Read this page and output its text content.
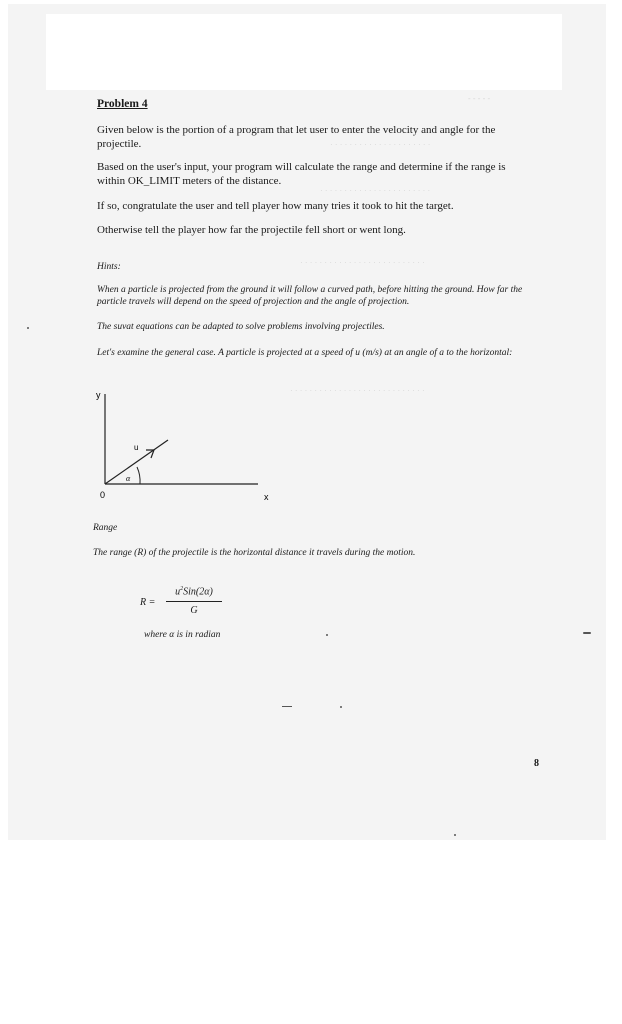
- - - - -
· · · · · · · · · · · · · · · · · · · · ·
· · · · · · · · · · · · · · · · · · · · · · ·
· · · · · · · · · · · · · · · · · · · · · · · · · ·
· · · · · · · · · · · · · · · · · · · · · · · · · · · ·
Problem 4

Given below is the portion of a program that let user to enter the velocity and angle for the projectile.

Based on the user's input, your program will calculate the range and determine if the range is within OK_LIMIT meters of the distance.

If so, congratulate the user and tell player how many tries it took to hit the target.

Otherwise tell the player how far the projectile fell short or went long.

Hints:

When a particle is projected from the ground it will follow a curved path, before hitting the ground. How far the particle travels will depend on the speed of projection and the angle of projection.

The suvat equations can be adapted to solve problems involving projectiles.

Let's examine the general case. A particle is projected at a speed of u (m/s) at an angle of a to the horizontal:

y
x
0
u
α

Range

The range (R) of the projectile is the horizontal distance it travels during the motion.

R =
$u^2Sin(2\alpha)$
G

where α is in radian

8
